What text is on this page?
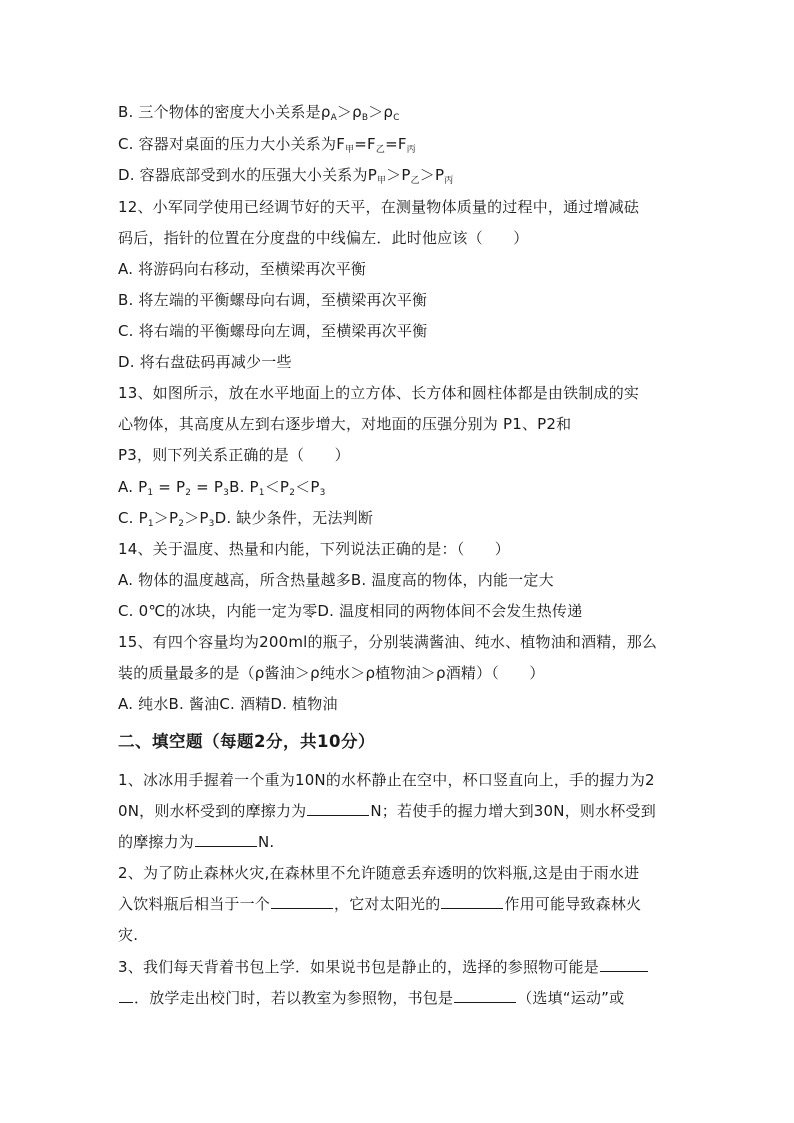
B. 三个物体的密度大小关系是$\rho_A>\rho_B>\rho_C$
C. 容器对桌面的压力大小关系为$F_甲=F_乙=F_丙$
D. 容器底部受到水的压强大小关系为$P_甲>P_乙>P_丙$
12、小军同学使用已经调节好的天平，在测量物体质量的过程中，通过增减砝
码后，指针的位置在分度盘的中线偏左．此时他应该（　　）
A. 将游码向右移动，至横梁再次平衡
B. 将左端的平衡螺母向右调，至横梁再次平衡
C. 将右端的平衡螺母向左调，至横梁再次平衡
D. 将右盘砝码再减少一些
13、如图所示，放在水平地面上的立方体、长方体和圆柱体都是由铁制成的实
心物体，其高度从左到右逐步增大，对地面的压强分别为 P1、P2和
P3，则下列关系正确的是（　　）
A. $P_1 = P_2 = P_3B$. $P_1<P_2<P_3$
C. $P_1>P_2>P_3D$. 缺少条件，无法判断
14、关于温度、热量和内能，下列说法正确的是：（　　）
A. 物体的温度越高，所含热量越多B. 温度高的物体，内能一定大
C. 0℃的冰块，内能一定为零D. 温度相同的两物体间不会发生热传递
15、有四个容量均为200ml的瓶子，分别装满酱油、纯水、植物油和酒精，那么
装的质量最多的是（ρ酱油＞ρ纯水＞ρ植物油＞ρ酒精）（　　）
A. 纯水B. 酱油C. 酒精D. 植物油
二、填空题（每题2分，共10分）
1、冰冰用手握着一个重为10N的水杯静止在空中，杯口竖直向上，手的握力为2
0N，则水杯受到的摩擦力为	N；若使手的握力增大到30N，则水杯受到
的摩擦力为	N.
2、为了防止森林火灾,在森林里不允许随意丢弃透明的饮料瓶,这是由于雨水进
入饮料瓶后相当于一个	，它对太阳光的	作用可能导致森林火
灾.
3、我们每天背着书包上学．如果说书包是静止的，选择的参照物可能是
．放学走出校门时，若以教室为参照物，书包是	（选填“运动”或
